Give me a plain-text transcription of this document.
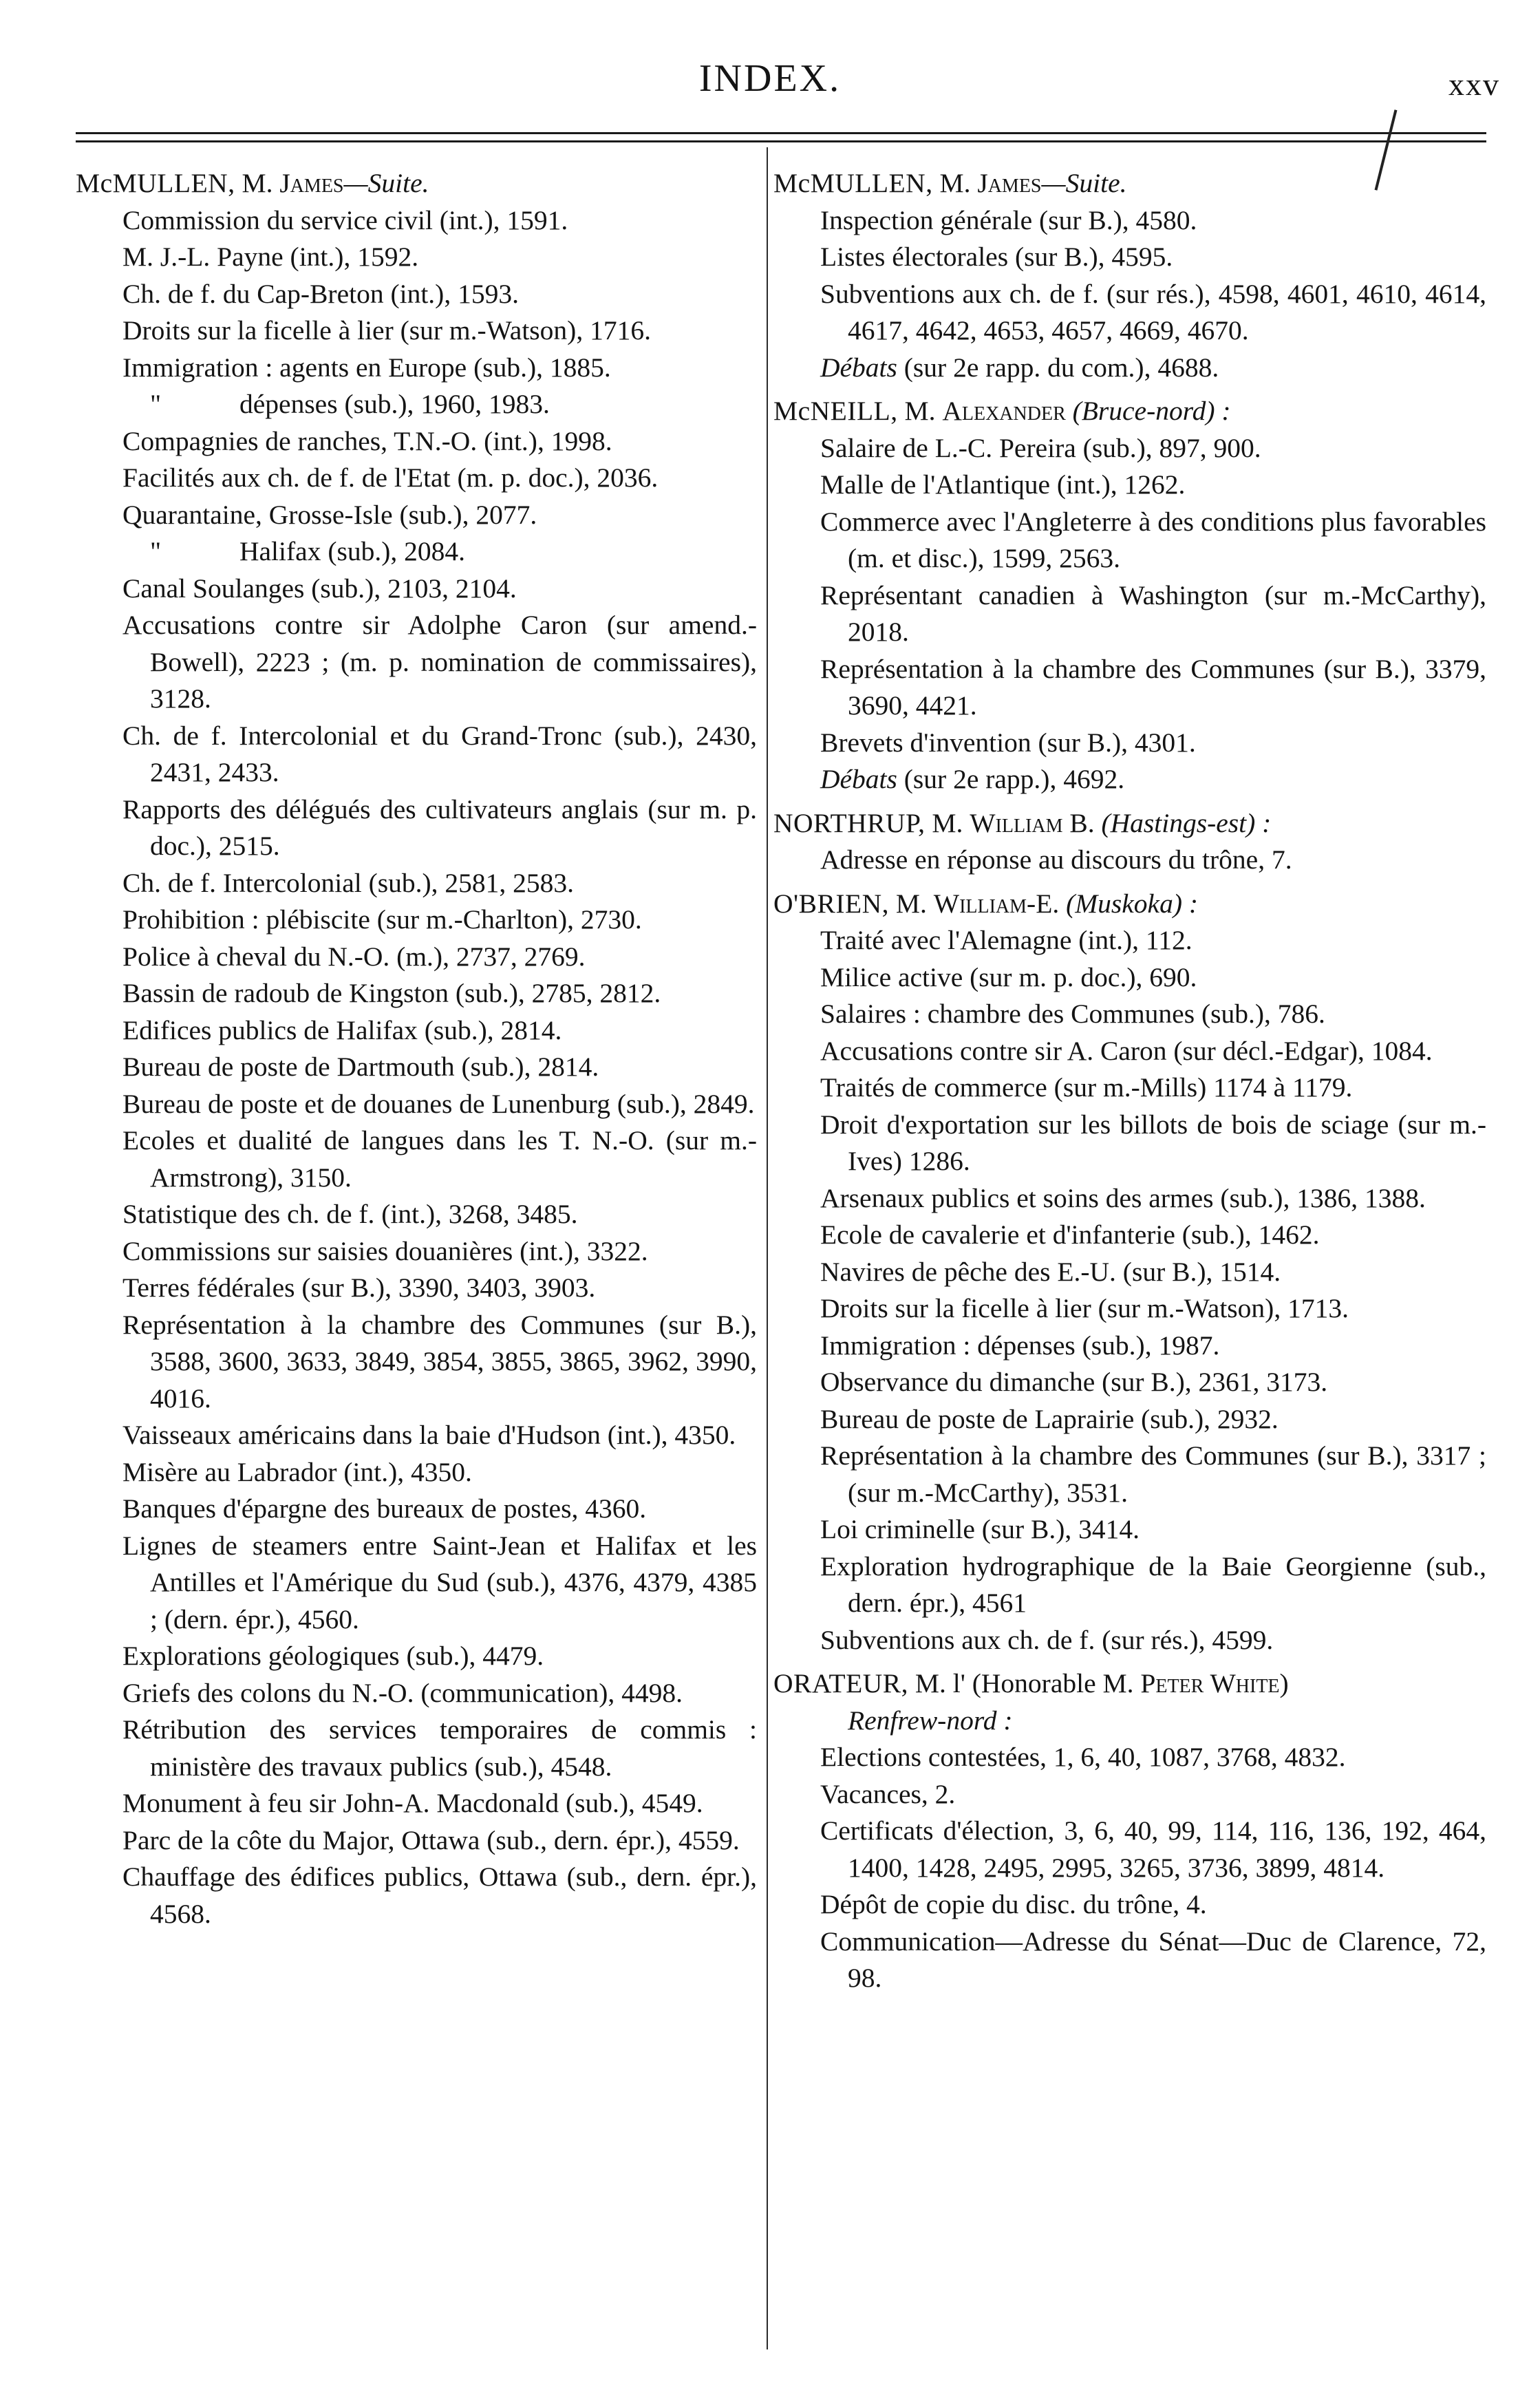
INDEX.	xxv
McMULLEN, M. James—Suite.
Commission du service civil (int.), 1591.
M. J.-L. Payne (int.), 1592.
Ch. de f. du Cap-Breton (int.), 1593.
Droits sur la ficelle à lier (sur m.-Watson), 1716.
Immigration : agents en Europe (sub.), 1885.
"	dépenses (sub.), 1960, 1983.
Compagnies de ranches, T.N.-O. (int.), 1998.
Facilités aux ch. de f. de l'Etat (m. p. doc.), 2036.
Quarantaine, Grosse-Isle (sub.), 2077.
"	Halifax (sub.), 2084.
Canal Soulanges (sub.), 2103, 2104.
Accusations contre sir Adolphe Caron (sur amend.-Bowell), 2223 ; (m. p. nomination de commissaires), 3128.
Ch. de f. Intercolonial et du Grand-Tronc (sub.), 2430, 2431, 2433.
Rapports des délégués des cultivateurs anglais (sur m. p. doc.), 2515.
Ch. de f. Intercolonial (sub.), 2581, 2583.
Prohibition : plébiscite (sur m.-Charlton), 2730.
Police à cheval du N.-O. (m.), 2737, 2769.
Bassin de radoub de Kingston (sub.), 2785, 2812.
Edifices publics de Halifax (sub.), 2814.
Bureau de poste de Dartmouth (sub.), 2814.
Bureau de poste et de douanes de Lunenburg (sub.), 2849.
Ecoles et dualité de langues dans les T. N.-O. (sur m.-Armstrong), 3150.
Statistique des ch. de f. (int.), 3268, 3485.
Commissions sur saisies douanières (int.), 3322.
Terres fédérales (sur B.), 3390, 3403, 3903.
Représentation à la chambre des Communes (sur B.), 3588, 3600, 3633, 3849, 3854, 3855, 3865, 3962, 3990, 4016.
Vaisseaux américains dans la baie d'Hudson (int.), 4350.
Misère au Labrador (int.), 4350.
Banques d'épargne des bureaux de postes, 4360.
Lignes de steamers entre Saint-Jean et Halifax et les Antilles et l'Amérique du Sud (sub.), 4376, 4379, 4385 ; (dern. épr.), 4560.
Explorations géologiques (sub.), 4479.
Griefs des colons du N.-O. (communication), 4498.
Rétribution des services temporaires de commis : ministère des travaux publics (sub.), 4548.
Monument à feu sir John-A. Macdonald (sub.), 4549.
Parc de la côte du Major, Ottawa (sub., dern. épr.), 4559.
Chauffage des édifices publics, Ottawa (sub., dern. épr.), 4568.
McMULLEN, M. James—Suite.
Inspection générale (sur B.), 4580.
Listes électorales (sur B.), 4595.
Subventions aux ch. de f. (sur rés.), 4598, 4601, 4610, 4614, 4617, 4642, 4653, 4657, 4669, 4670.
Débats (sur 2e rapp. du com.), 4688.
McNEILL, M. Alexander (Bruce-nord) :
Salaire de L.-C. Pereira (sub.), 897, 900.
Malle de l'Atlantique (int.), 1262.
Commerce avec l'Angleterre à des conditions plus favorables (m. et disc.), 1599, 2563.
Représentant canadien à Washington (sur m.-McCarthy), 2018.
Représentation à la chambre des Communes (sur B.), 3379, 3690, 4421.
Brevets d'invention (sur B.), 4301.
Débats (sur 2e rapp.), 4692.
NORTHRUP, M. William B. (Hastings-est) :
Adresse en réponse au discours du trône, 7.
O'BRIEN, M. William-E. (Muskoka) :
Traité avec l'Alemagne (int.), 112.
Milice active (sur m. p. doc.), 690.
Salaires : chambre des Communes (sub.), 786.
Accusations contre sir A. Caron (sur décl.-Edgar), 1084.
Traités de commerce (sur m.-Mills) 1174 à 1179.
Droit d'exportation sur les billots de bois de sciage (sur m.-Ives) 1286.
Arsenaux publics et soins des armes (sub.), 1386, 1388.
Ecole de cavalerie et d'infanterie (sub.), 1462.
Navires de pêche des E.-U. (sur B.), 1514.
Droits sur la ficelle à lier (sur m.-Watson), 1713.
Immigration : dépenses (sub.), 1987.
Observance du dimanche (sur B.), 2361, 3173.
Bureau de poste de Laprairie (sub.), 2932.
Représentation à la chambre des Communes (sur B.), 3317 ; (sur m.-McCarthy), 3531.
Loi criminelle (sur B.), 3414.
Exploration hydrographique de la Baie Georgienne (sub., dern. épr.), 4561
Subventions aux ch. de f. (sur rés.), 4599.
ORATEUR, M. l' (Honorable M. Peter White)
Renfrew-nord :
Elections contestées, 1, 6, 40, 1087, 3768, 4832.
Vacances, 2.
Certificats d'élection, 3, 6, 40, 99, 114, 116, 136, 192, 464, 1400, 1428, 2495, 2995, 3265, 3736, 3899, 4814.
Dépôt de copie du disc. du trône, 4.
Communication—Adresse du Sénat—Duc de Clarence, 72, 98.
